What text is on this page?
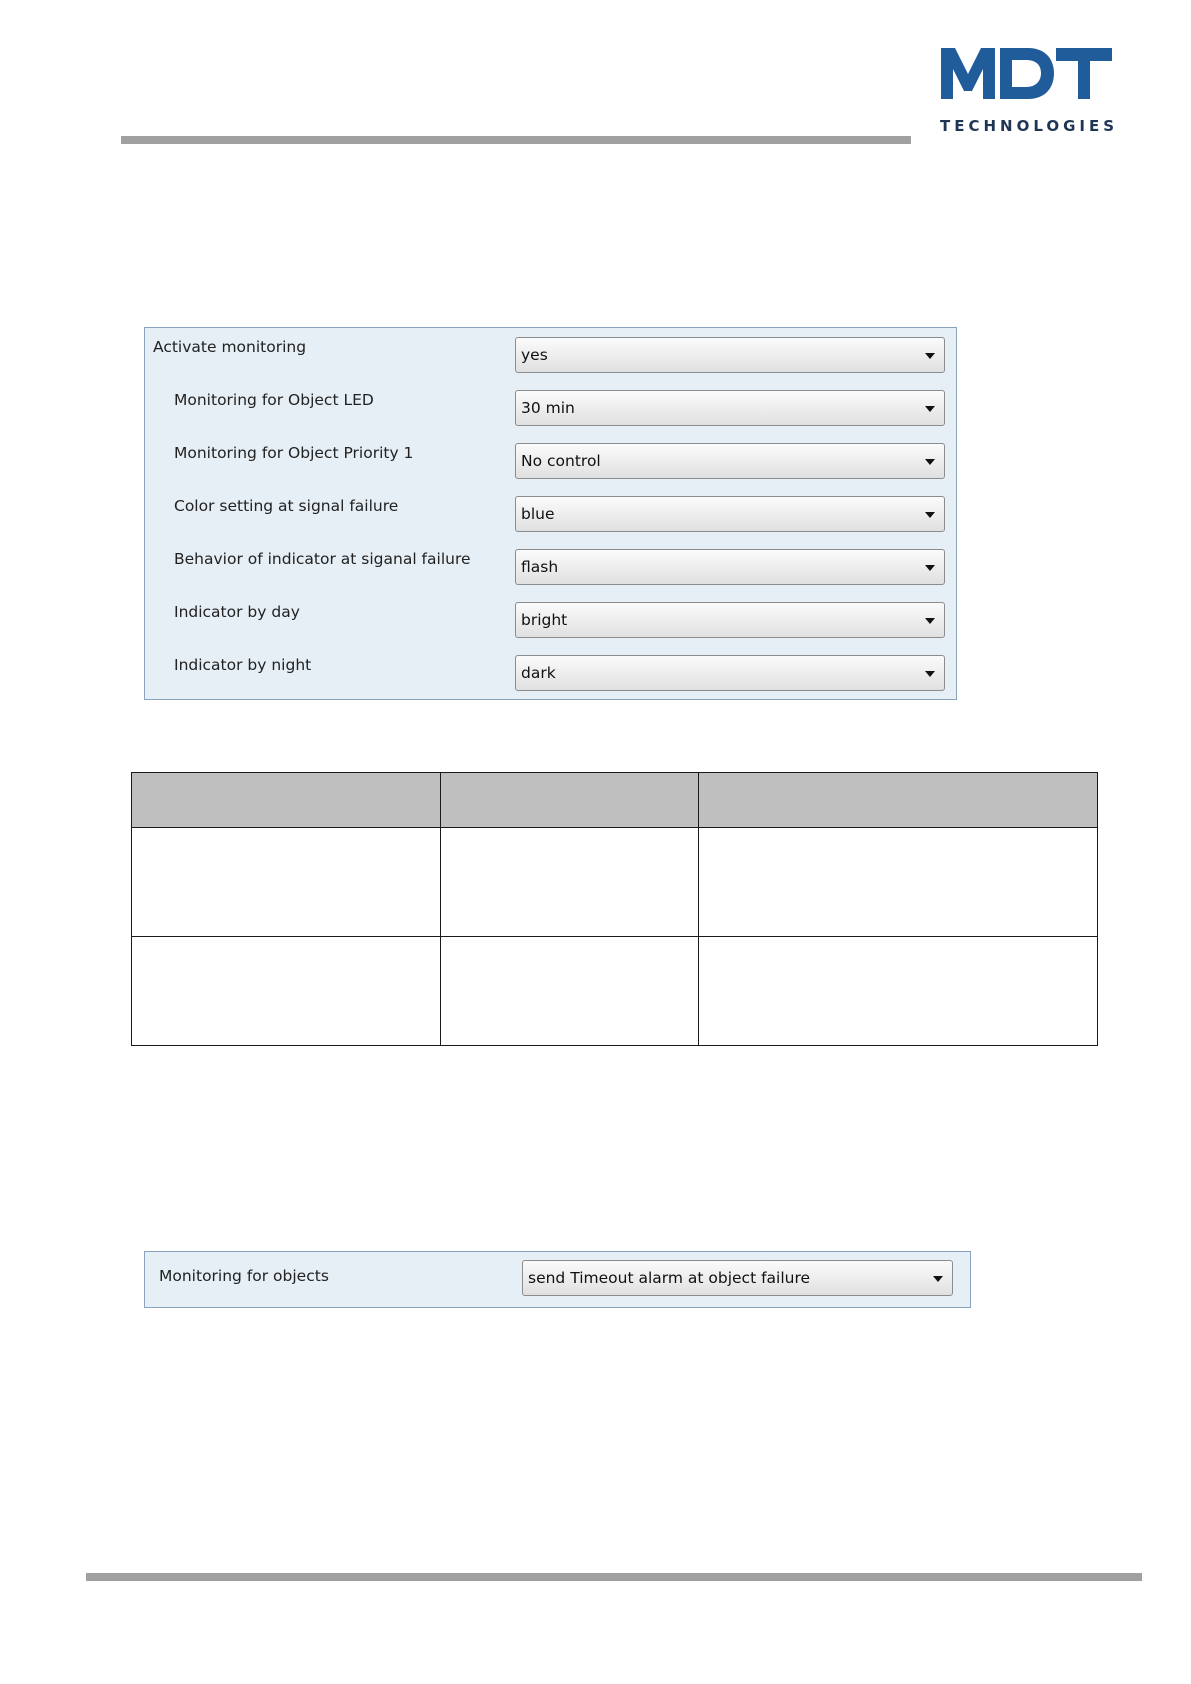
TECHNOLOGIES
Activate monitoring	yes
Monitoring for Object LED	30 min
Monitoring for Object Priority 1	No control
Color setting at signal failure	blue
Behavior of indicator at siganal failure	flash
Indicator by day	bright
Indicator by night	dark

Monitoring for objects	send Timeout alarm at object failure
